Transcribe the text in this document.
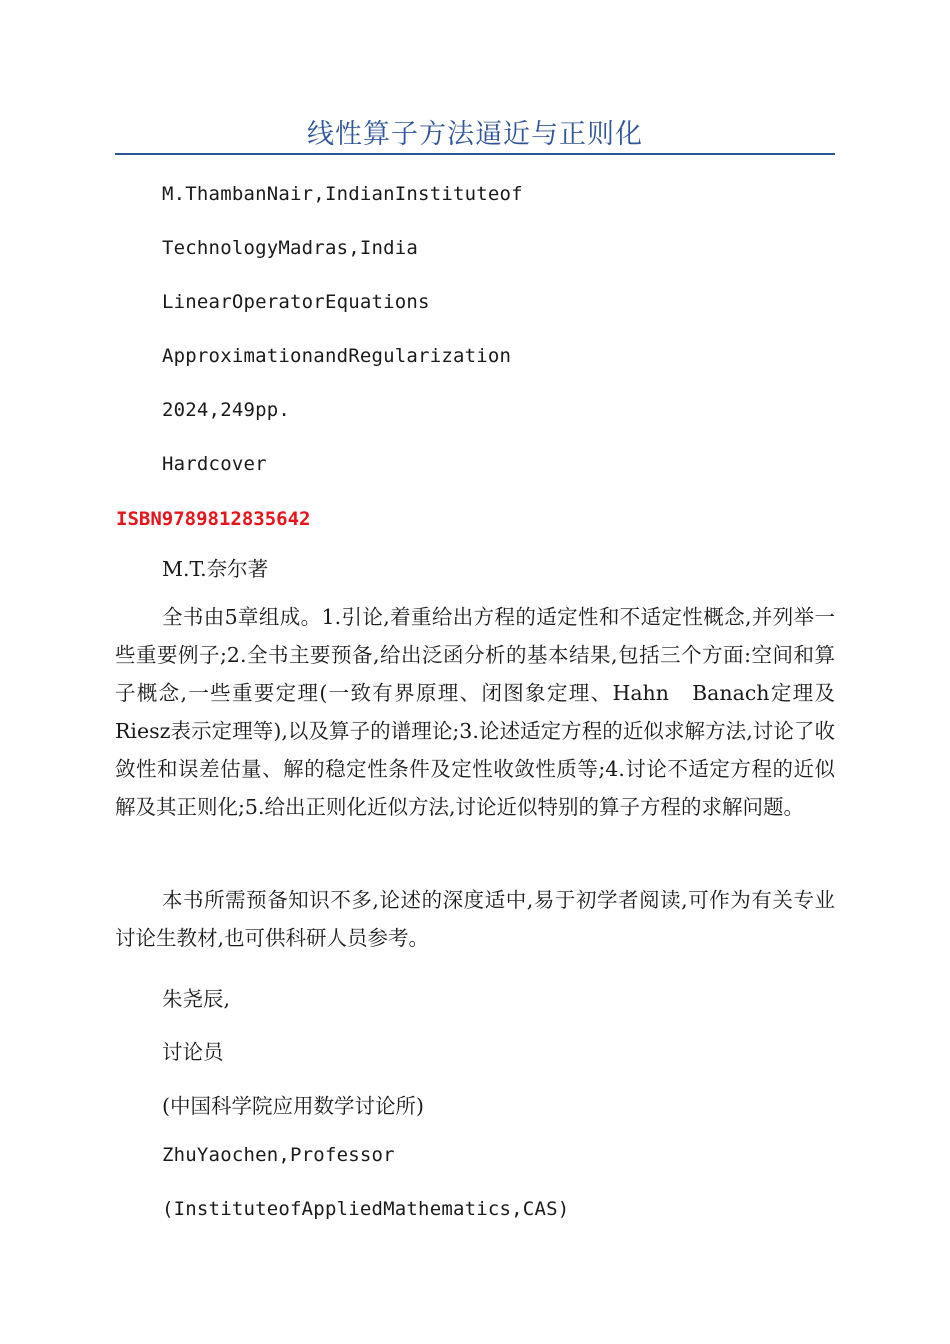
线性算子方法逼近与正则化

M.ThambanNair,IndianInstituteof

TechnologyMadras,India

LinearOperatorEquations

ApproximationandRegularization

2024,249pp.

Hardcover

ISBN9789812835642

M.T.奈尔著

全书由5章组成。1.引论,着重给出方程的适定性和不适定性概念,并列举一些重要例子;2.全书主要预备,给出泛函分析的基本结果,包括三个方面:空间和算子概念,一些重要定理(一致有界原理、闭图象定理、Hahn　Banach定理及Riesz表示定理等),以及算子的谱理论;3.论述适定方程的近似求解方法,讨论了收敛性和误差估量、解的稳定性条件及定性收敛性质等;4.讨论不适定方程的近似解及其正则化;5.给出正则化近似方法,讨论近似特别的算子方程的求解问题。

本书所需预备知识不多,论述的深度适中,易于初学者阅读,可作为有关专业讨论生教材,也可供科研人员参考。

朱尧辰,

讨论员

(中国科学院应用数学讨论所)

ZhuYaochen,Professor

(InstituteofAppliedMathematics,CAS)
